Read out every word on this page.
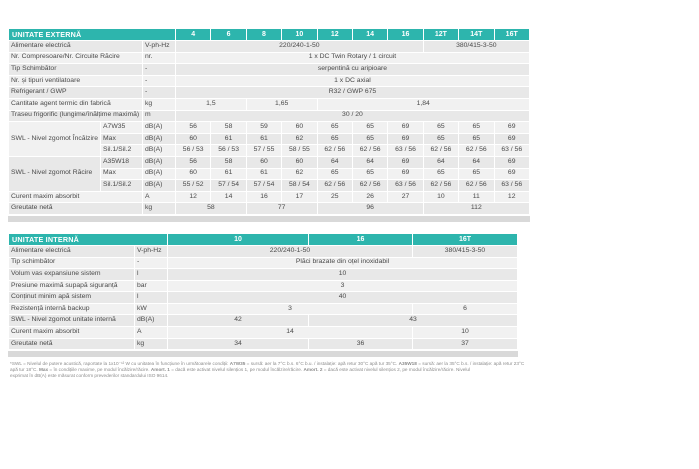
UNITATE EXTERNĂ			4	6	8	10	12	14	16	12T	14T	16T
Alimentare electrică		V-ph-Hz	220/240-1-50							380/415-3-50		
Nr. Compresoare/Nr. Circuite Răcire		nr.	1 x DC Twin Rotary / 1 circuit									
Tip Schimbător		-	serpentină cu aripioare									
Nr. și tipuri ventilatoare		-	1 x DC axial									
Refrigerant / GWP		-	R32 / GWP 675									
Cantitate agent termic din fabrică		kg	1,5		1,65		1,84					
Traseu frigorific (lungime/înălțime maximă)		m	30 / 20									
SWL - Nivel zgomot Încălzire	A7W35	dB(A)	56	58	59	60	65	65	69	65	65	69
	Max	dB(A)	60	61	61	62	65	65	69	65	65	69
	Sil.1/Sil.2	dB(A)	56 / 53	56 / 53	57 / 55	58 / 55	62 / 56	62 / 56	63 / 56	62 / 56	62 / 56	63 / 56
SWL - Nivel zgomot Răcire	A35W18	dB(A)	56	58	60	60	64	64	69	64	64	69
	Max	dB(A)	60	61	61	62	65	65	69	65	65	69
	Sil.1/Sil.2	dB(A)	55 / 52	57 / 54	57 / 54	58 / 54	62 / 56	62 / 56	63 / 56	62 / 56	62 / 56	63 / 56
Curent maxim absorbit		A	12	14	16	17	25	26	27	10	11	12
Greutate netă		kg	58		77		96			112		
UNITATE INTERNĂ		10	16	16T
Alimentare electrică	V-ph-Hz	220/240-1-50		380/415-3-50
Tip schimbător	-	Plăci brazate din oțel inoxidabil		
Volum vas expansiune sistem	l	10		
Presiune maximă supapă siguranță	bar	3		
Conținut minim apă sistem	l	40		
Rezistență internă backup	kW	3		6
SWL - Nivel zgomot unitate internă	dB(A)	42	43	
Curent maxim absorbit	A	14		10
Greutate netă	kg	34	36	37
*SWL = Nivelul de putere acustică, raportate la 1x10⁻¹² W cu unitatea în funcțiune în următoarele condiții: A7W35 = sursă: aer la 7°C b.s. 6°C b.u. / instalație: apă retur 30°C apă tur 35°C. A35W18 = sursă: aer la 35°C b.s. / instalație: apă retur 23°C
apă tur 18°C. Max = în condițiile maxime, pe modul încălzire/răcire. Amort. 1 = dacă este activat nivelul silențios 1, pe modul încălzire/răcire. Amort. 2 = dacă este activat nivelul silențios 2, pe modul încălzire/răcire. Nivelul
exprimat în dB(A) este măsurat conform prevederilor standardului ISO 9614.
